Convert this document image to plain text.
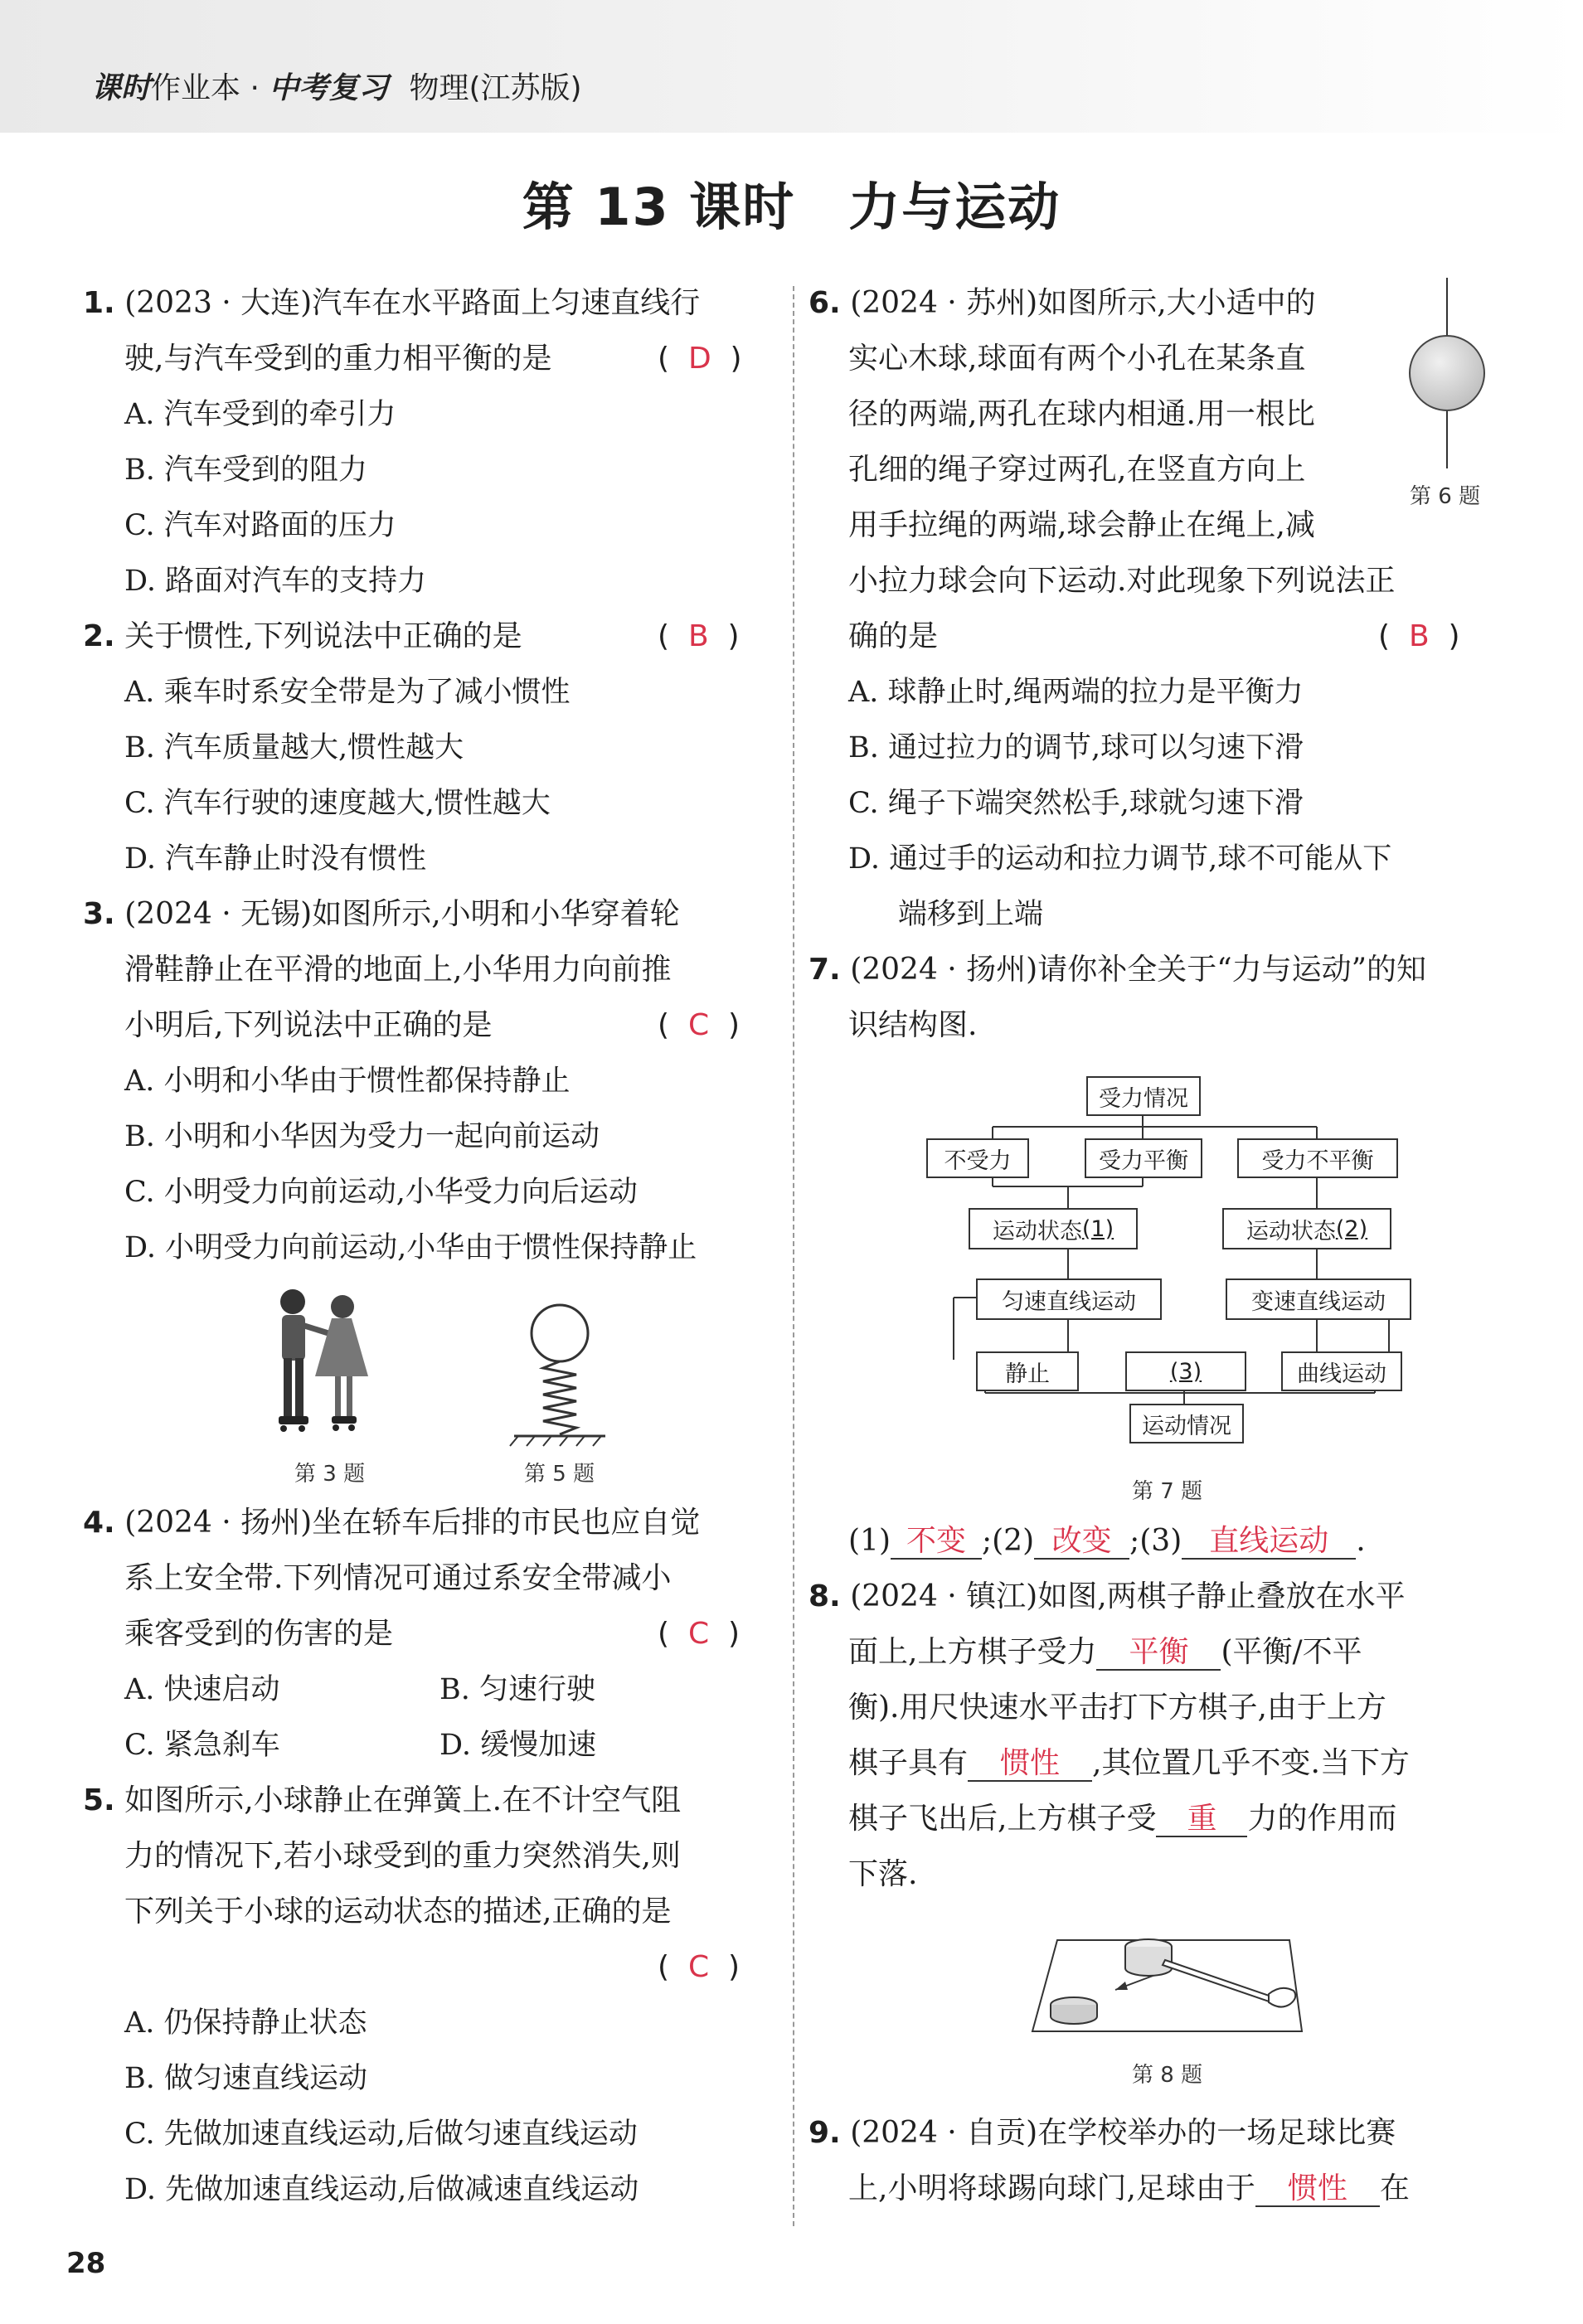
课时作业本 · 中考复习 物理(江苏版)
第 13 课时　力与运动
1. (2023 · 大连)汽车在水平路面上匀速直线行
驶,与汽车受到的重力相平衡的是	(  D  )
A. 汽车受到的牵引力
B. 汽车受到的阻力
C. 汽车对路面的压力
D. 路面对汽车的支持力
2. 关于惯性,下列说法中正确的是	(  B  )
A. 乘车时系安全带是为了减小惯性
B. 汽车质量越大,惯性越大
C. 汽车行驶的速度越大,惯性越大
D. 汽车静止时没有惯性
3. (2024 · 无锡)如图所示,小明和小华穿着轮
滑鞋静止在平滑的地面上,小华用力向前推
小明后,下列说法中正确的是	(  C  )
A. 小明和小华由于惯性都保持静止
B. 小明和小华因为受力一起向前运动
C. 小明受力向前运动,小华受力向后运动
D. 小明受力向前运动,小华由于惯性保持静止
第 3 题	第 5 题
4. (2024 · 扬州)坐在轿车后排的市民也应自觉
系上安全带.下列情况可通过系安全带减小
乘客受到的伤害的是	(  C  )
A. 快速启动	B. 匀速行驶
C. 紧急刹车	D. 缓慢加速
5. 如图所示,小球静止在弹簧上.在不计空气阻
力的情况下,若小球受到的重力突然消失,则
下列关于小球的运动状态的描述,正确的是
(  C  )
A. 仍保持静止状态
B. 做匀速直线运动
C. 先做加速直线运动,后做匀速直线运动
D. 先做加速直线运动,后做减速直线运动
28
6. (2024 · 苏州)如图所示,大小适中的
实心木球,球面有两个小孔在某条直
径的两端,两孔在球内相通.用一根比
孔细的绳子穿过两孔,在竖直方向上
用手拉绳的两端,球会静止在绳上,减
小拉力球会向下运动.对此现象下列说法正
确的是	(  B  )
A. 球静止时,绳两端的拉力是平衡力
B. 通过拉力的调节,球可以匀速下滑
C. 绳子下端突然松手,球就匀速下滑
D. 通过手的运动和拉力调节,球不可能从下
端移到上端
第 6 题
7. (2024 · 扬州)请你补全关于“力与运动”的知
识结构图.
受力情况
不受力	受力平衡	受力不平衡
运动状态 (1)	运动状态 (2)
匀速直线运动	变速直线运动
静止	(3)	曲线运动
运动情况
第 7 题
(1) 不变 ;(2) 改变 ;(3) 直线运动 .
8. (2024 · 镇江)如图,两棋子静止叠放在水平
面上,上方棋子受力 平衡 (平衡/不平
衡).用尺快速水平击打下方棋子,由于上方
棋子具有 惯性 ,其位置几乎不变.当下方
棋子飞出后,上方棋子受 重 力的作用而
下落.
第 8 题
9. (2024 · 自贡)在学校举办的一场足球比赛
上,小明将球踢向球门,足球由于 惯性 在
